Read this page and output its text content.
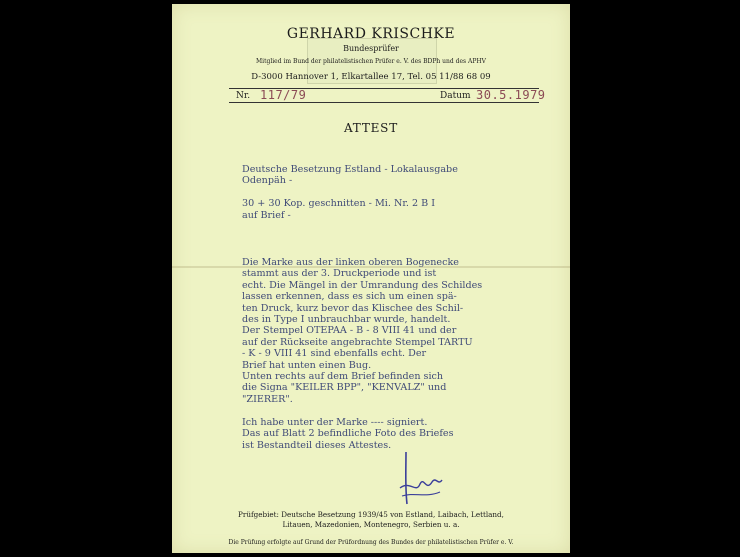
GERHARD KRISCHKE
Bundesprüfer
Mitglied im Bund der philatelistischen Prüfer e. V. des BDPh und des APHV
D-3000 Hannover 1, Elkartallee 17, Tel. 05 11/88 68 09
Nr. 117/79	Datum 30.5.1979
ATTEST
Deutsche Besetzung Estland - Lokalausgabe
Odenpäh -

30 + 30 Kop. geschnitten - Mi. Nr. 2 B I
auf Brief -
Die Marke aus der linken oberen Bogenecke
stammt aus der 3. Druckperiode und ist
echt. Die Mängel in der Umrandung des Schildes
lassen erkennen, dass es sich um einen spä-
ten Druck, kurz bevor das Klischee des Schil-
des in Type I unbrauchbar wurde, handelt.
Der Stempel OTEPAA - B - 8 VIII 41 und der
auf der Rückseite angebrachte Stempel TARTU
- K - 9 VIII 41 sind ebenfalls echt. Der
Brief hat unten einen Bug.
Unten rechts auf dem Brief befinden sich
die Signa "KEILER BPP", "KENVALZ" und
"ZIERER".

Ich habe unter der Marke ---- signiert.
Das auf Blatt 2 befindliche Foto des Briefes
ist Bestandteil dieses Attestes.
Prüfgebiet: Deutsche Besetzung 1939/45 von Estland, Laibach, Lettland,
Litauen, Mazedonien, Montenegro, Serbien u. a.
Die Prüfung erfolgte auf Grund der Prüfordnung des Bundes der philatelistischen Prüfer e. V.
